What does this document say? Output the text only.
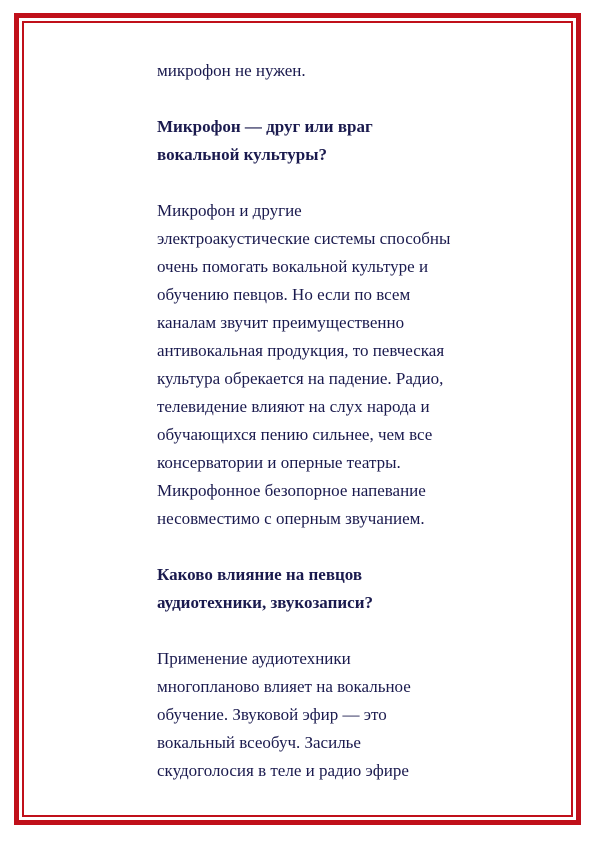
микрофон не нужен.

Микрофон — друг или враг

вокальной культуры?

Микрофон и другие

электроакустические системы способны

очень помогать вокальной культуре и

обучению певцов. Но если по всем

каналам звучит преимущественно

антивокальная продукция, то певческая

культура обрекается на падение. Радио,

телевидение влияют на слух народа и

обучающихся пению сильнее, чем все

консерватории и оперные театры.

Микрофонное безопорное напевание

несовместимо с оперным звучанием.

Каково влияние на певцов

аудиотехники, звукозаписи?

Применение аудиотехники

многопланово влияет на вокальное

обучение. Звуковой эфир — это

вокальный всеобуч. Засилье

скудоголосия в теле и радио эфире
